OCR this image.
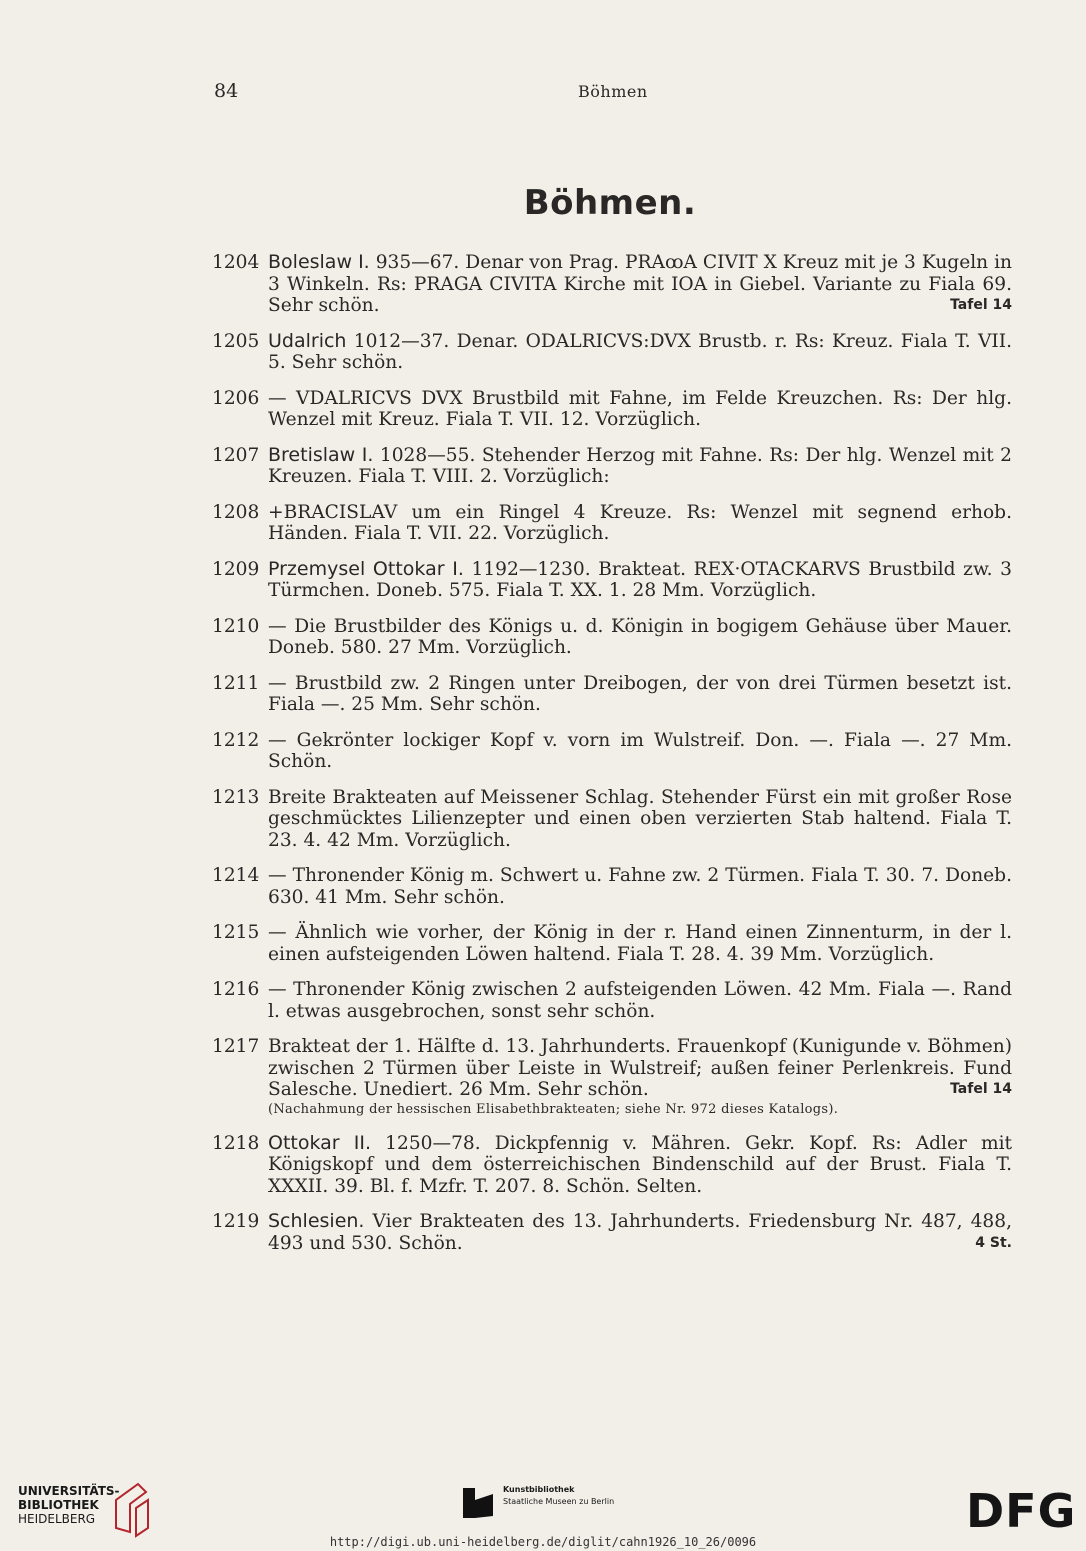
84	Böhmen
Böhmen.
1204
Tafel 14
Boleslaw I. 935—67. Denar von Prag. PRAꝏA CIVIT X Kreuz mit je 3 Kugeln in 3 Winkeln. Rs: PRAGA CIVITA Kirche mit IOA in Giebel. Variante zu Fiala 69. Sehr schön.
1205 Udalrich 1012—37. Denar. ODALRICVS:DVX Brustb. r. Rs: Kreuz. Fiala T. VII. 5. Sehr schön.
1206 — VDALRICVS DVX Brustbild mit Fahne, im Felde Kreuzchen. Rs: Der hlg. Wenzel mit Kreuz. Fiala T. VII. 12. Vorzüglich.
1207 Bretislaw I. 1028—55. Stehender Herzog mit Fahne. Rs: Der hlg. Wenzel mit 2 Kreuzen. Fiala T. VIII. 2. Vorzüglich:
1208 +BRACISLAV um ein Ringel 4 Kreuze. Rs: Wenzel mit segnend erhob. Händen. Fiala T. VII. 22. Vorzüglich.
1209 Przemysel Ottokar I. 1192—1230. Brakteat. REX·OTACKARVS Brustbild zw. 3 Türmchen. Doneb. 575. Fiala T. XX. 1. 28 Mm. Vorzüglich.
1210 — Die Brustbilder des Königs u. d. Königin in bogigem Gehäuse über Mauer. Doneb. 580. 27 Mm. Vorzüglich.
1211 — Brustbild zw. 2 Ringen unter Dreibogen, der von drei Türmen besetzt ist. Fiala —. 25 Mm. Sehr schön.
1212 — Gekrönter lockiger Kopf v. vorn im Wulstreif. Don. —. Fiala —. 27 Mm. Schön.
1213 Breite Brakteaten auf Meissener Schlag. Stehender Fürst ein mit großer Rose geschmücktes Lilienzepter und einen oben verzierten Stab haltend. Fiala T. 23. 4. 42 Mm. Vorzüglich.
1214 — Thronender König m. Schwert u. Fahne zw. 2 Türmen. Fiala T. 30. 7. Doneb. 630. 41 Mm. Sehr schön.
1215 — Ähnlich wie vorher, der König in der r. Hand einen Zinnenturm, in der l. einen aufsteigenden Löwen haltend. Fiala T. 28. 4. 39 Mm. Vorzüglich.
1216 — Thronender König zwischen 2 aufsteigenden Löwen. 42 Mm. Fiala —. Rand l. etwas ausgebrochen, sonst sehr schön.
1217
Tafel 14
Brakteat der 1. Hälfte d. 13. Jahrhunderts. Frauenkopf (Kunigunde v. Böhmen) zwischen 2 Türmen über Leiste in Wulstreif; außen feiner Perlenkreis. Fund Salesche. Unediert. 26 Mm. Sehr schön.
(Nachahmung der hessischen Elisabethbrakteaten; siehe Nr. 972 dieses Katalogs).
1218 Ottokar II. 1250—78. Dickpfennig v. Mähren. Gekr. Kopf. Rs: Adler mit Königskopf und dem österreichischen Bindenschild auf der Brust. Fiala T. XXXII. 39. Bl. f. Mzfr. T. 207. 8. Schön. Selten.
1219
4 St.
Schlesien. Vier Brakteaten des 13. Jahrhunderts. Friedensburg Nr. 487, 488, 493 und 530. Schön.
UNIVERSITÄTS-
BIBLIOTHEK
HEIDELBERG
Kunstbibliothek
Staatliche Museen zu Berlin	DFG
http://digi.ub.uni-heidelberg.de/diglit/cahn1926_10_26/0096
